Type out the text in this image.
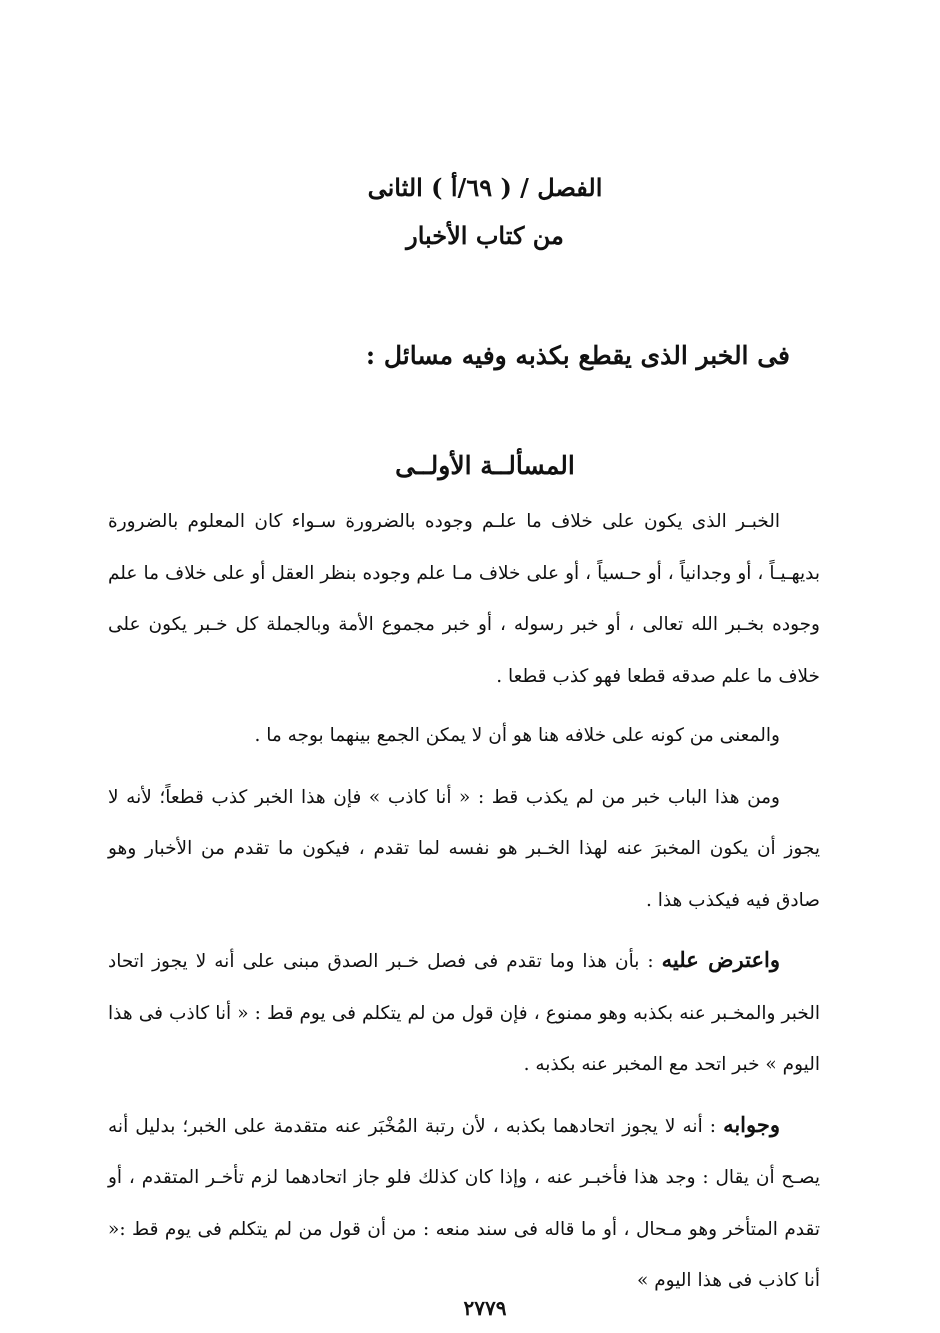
الفصل / ( ٦٩/أ ) الثانى
من كتاب الأخبار
فى الخبر الذى يقطع بكذبه وفيه مسائل :
المسألــة الأولــى

الخبـر الذى يكون على خلاف ما علـم وجوده بالضرورة سـواء كان المعلوم بالضرورة بديهـيـاً ، أو وجدانياً ، أو حـسياً ، أو على خلاف مـا علم وجوده بنظر العقل أو على خلاف ما علم وجوده بخـبر الله تعالى ، أو خبر رسوله ، أو خبر مجموع الأمة وبالجملة كل خـبر يكون على خلاف ما علم صدقه قطعا فهو كذب قطعا .

والمعنى من كونه على خلافه هنا هو أن لا يمكن الجمع بينهما بوجه ما .

ومن هذا الباب خبر من لم يكذب قط : « أنا كاذب » فإن هذا الخبر كذب قطعاً؛ لأنه لا يجوز أن يكون المخبرَ عنه لهذا الخـبر هو نفسه لما تقدم ، فيكون ما تقدم من الأخبار وهو صادق فيه فيكذب هذا .

واعترض عليه : بأن هذا وما تقدم فى فصل خـبر الصدق مبنى على أنه لا يجوز اتحاد الخبر والمخـبر عنه بكذبه وهو ممنوع ، فإن قول من لم يتكلم فى يوم قط : « أنا كاذب فى هذا اليوم » خبر اتحد مع المخبر عنه بكذبه .

وجوابه : أنه لا يجوز اتحادهما بكذبه ، لأن رتبة المُخْبَر عنه متقدمة على الخبر؛ بدليل أنه يصـح أن يقال : وجد هذا فأخبـر عنه ، وإذا كان كذلك فلو جاز اتحادهما لزم تأخـر المتقدم ، أو تقدم المتأخر وهو مـحال ، أو ما قاله فى سند منعه : من أن قول من لم يتكلم فى يوم قط :« أنا كاذب فى هذا اليوم »

٢٧٧٩
